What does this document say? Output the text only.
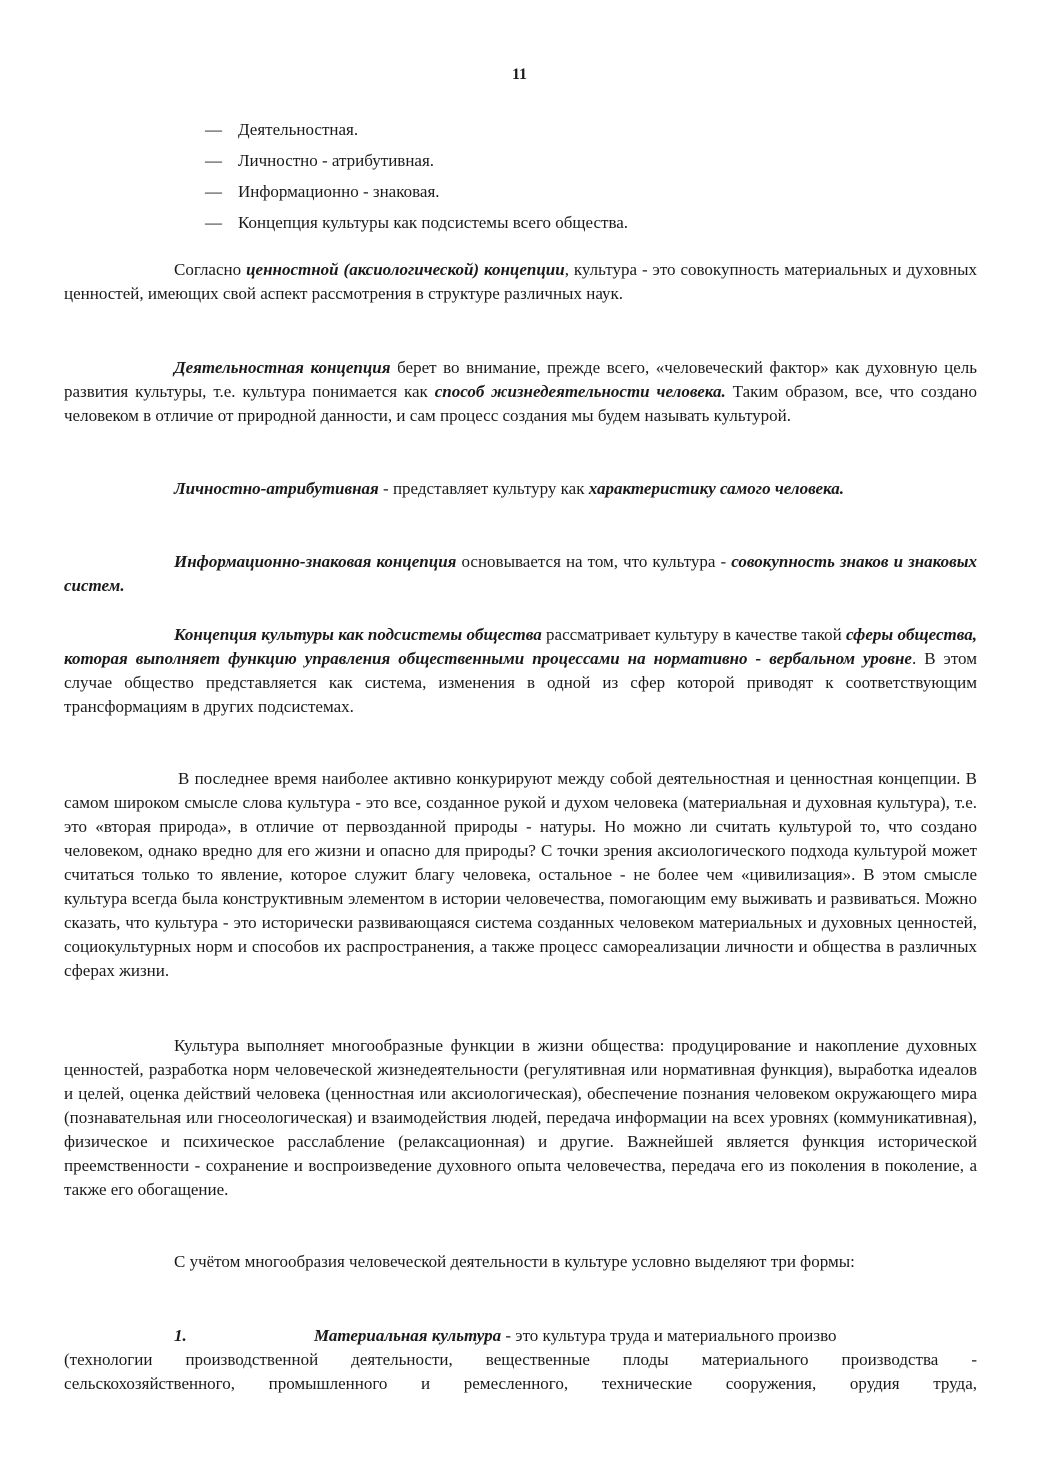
11
— Деятельностная.
— Личностно - атрибутивная.
— Информационно - знаковая.
— Концепция культуры как подсистемы всего общества.

Согласно ценностной (аксиологической) концепции, культура - это совокупность материальных и духовных ценностей, имеющих свой аспект рассмотрения в структуре различных наук.

Деятельностная концепция берет во внимание, прежде всего, «человеческий фактор» как духовную цель развития культуры, т.е. культура понимается как способ жизнедеятельности человека. Таким образом, все, что создано человеком в отличие от природной данности, и сам процесс создания мы будем называть культурой.

Личностно-атрибутивная - представляет культуру как характеристику самого человека.

Информационно-знаковая концепция основывается на том, что культура - совокупность знаков и знаковых систем.

Концепция культуры как подсистемы общества рассматривает культуру в качестве такой сферы общества, которая выполняет функцию управления общественными процессами на нормативно - вербальном уровне. В этом случае общество представляется как система, изменения в одной из сфер которой приводят к соответствующим трансформациям в других подсистемах.

В последнее время наиболее активно конкурируют между собой деятельностная и ценностная концепции. В самом широком смысле слова культура - это все, созданное рукой и духом человека (материальная и духовная культура), т.е. это «вторая природа», в отличие от первозданной природы - натуры. Но можно ли считать культурой то, что создано человеком, однако вредно для его жизни и опасно для природы? С точки зрения аксиологического подхода культурой может считаться только то явление, которое служит благу человека, остальное - не более чем «цивилизация». В этом смысле культура всегда была конструктивным элементом в истории человечества, помогающим ему выживать и развиваться. Можно сказать, что культура - это исторически развивающаяся система созданных человеком материальных и духовных ценностей, социокультурных норм и способов их распространения, а также процесс самореализации личности и общества в различных сферах жизни.

Культура выполняет многообразные функции в жизни общества: продуцирование и накопление духовных ценностей, разработка норм человеческой жизнедеятельности (регулятивная или нормативная функция), выработка идеалов и целей, оценка действий человека (ценностная или аксиологическая), обеспечение познания человеком окружающего мира (познавательная или гносеологическая) и взаимодействия людей, передача информации на всех уровнях (коммуникативная), физическое и психическое расслабление (релаксационная) и другие. Важнейшей является функция исторической преемственности - сохранение и воспроизведение духовного опыта человечества, передача его из поколения в поколение, а также его обогащение.

С учётом многообразия человеческой деятельности в культуре условно выделяют три формы:

1.	Материальная культура - это культура труда и материального произво

(технологии производственной деятельности, вещественные плоды материального производства -

сельскохозяйственного, промышленного и ремесленного, технические сооружения, орудия труда,
